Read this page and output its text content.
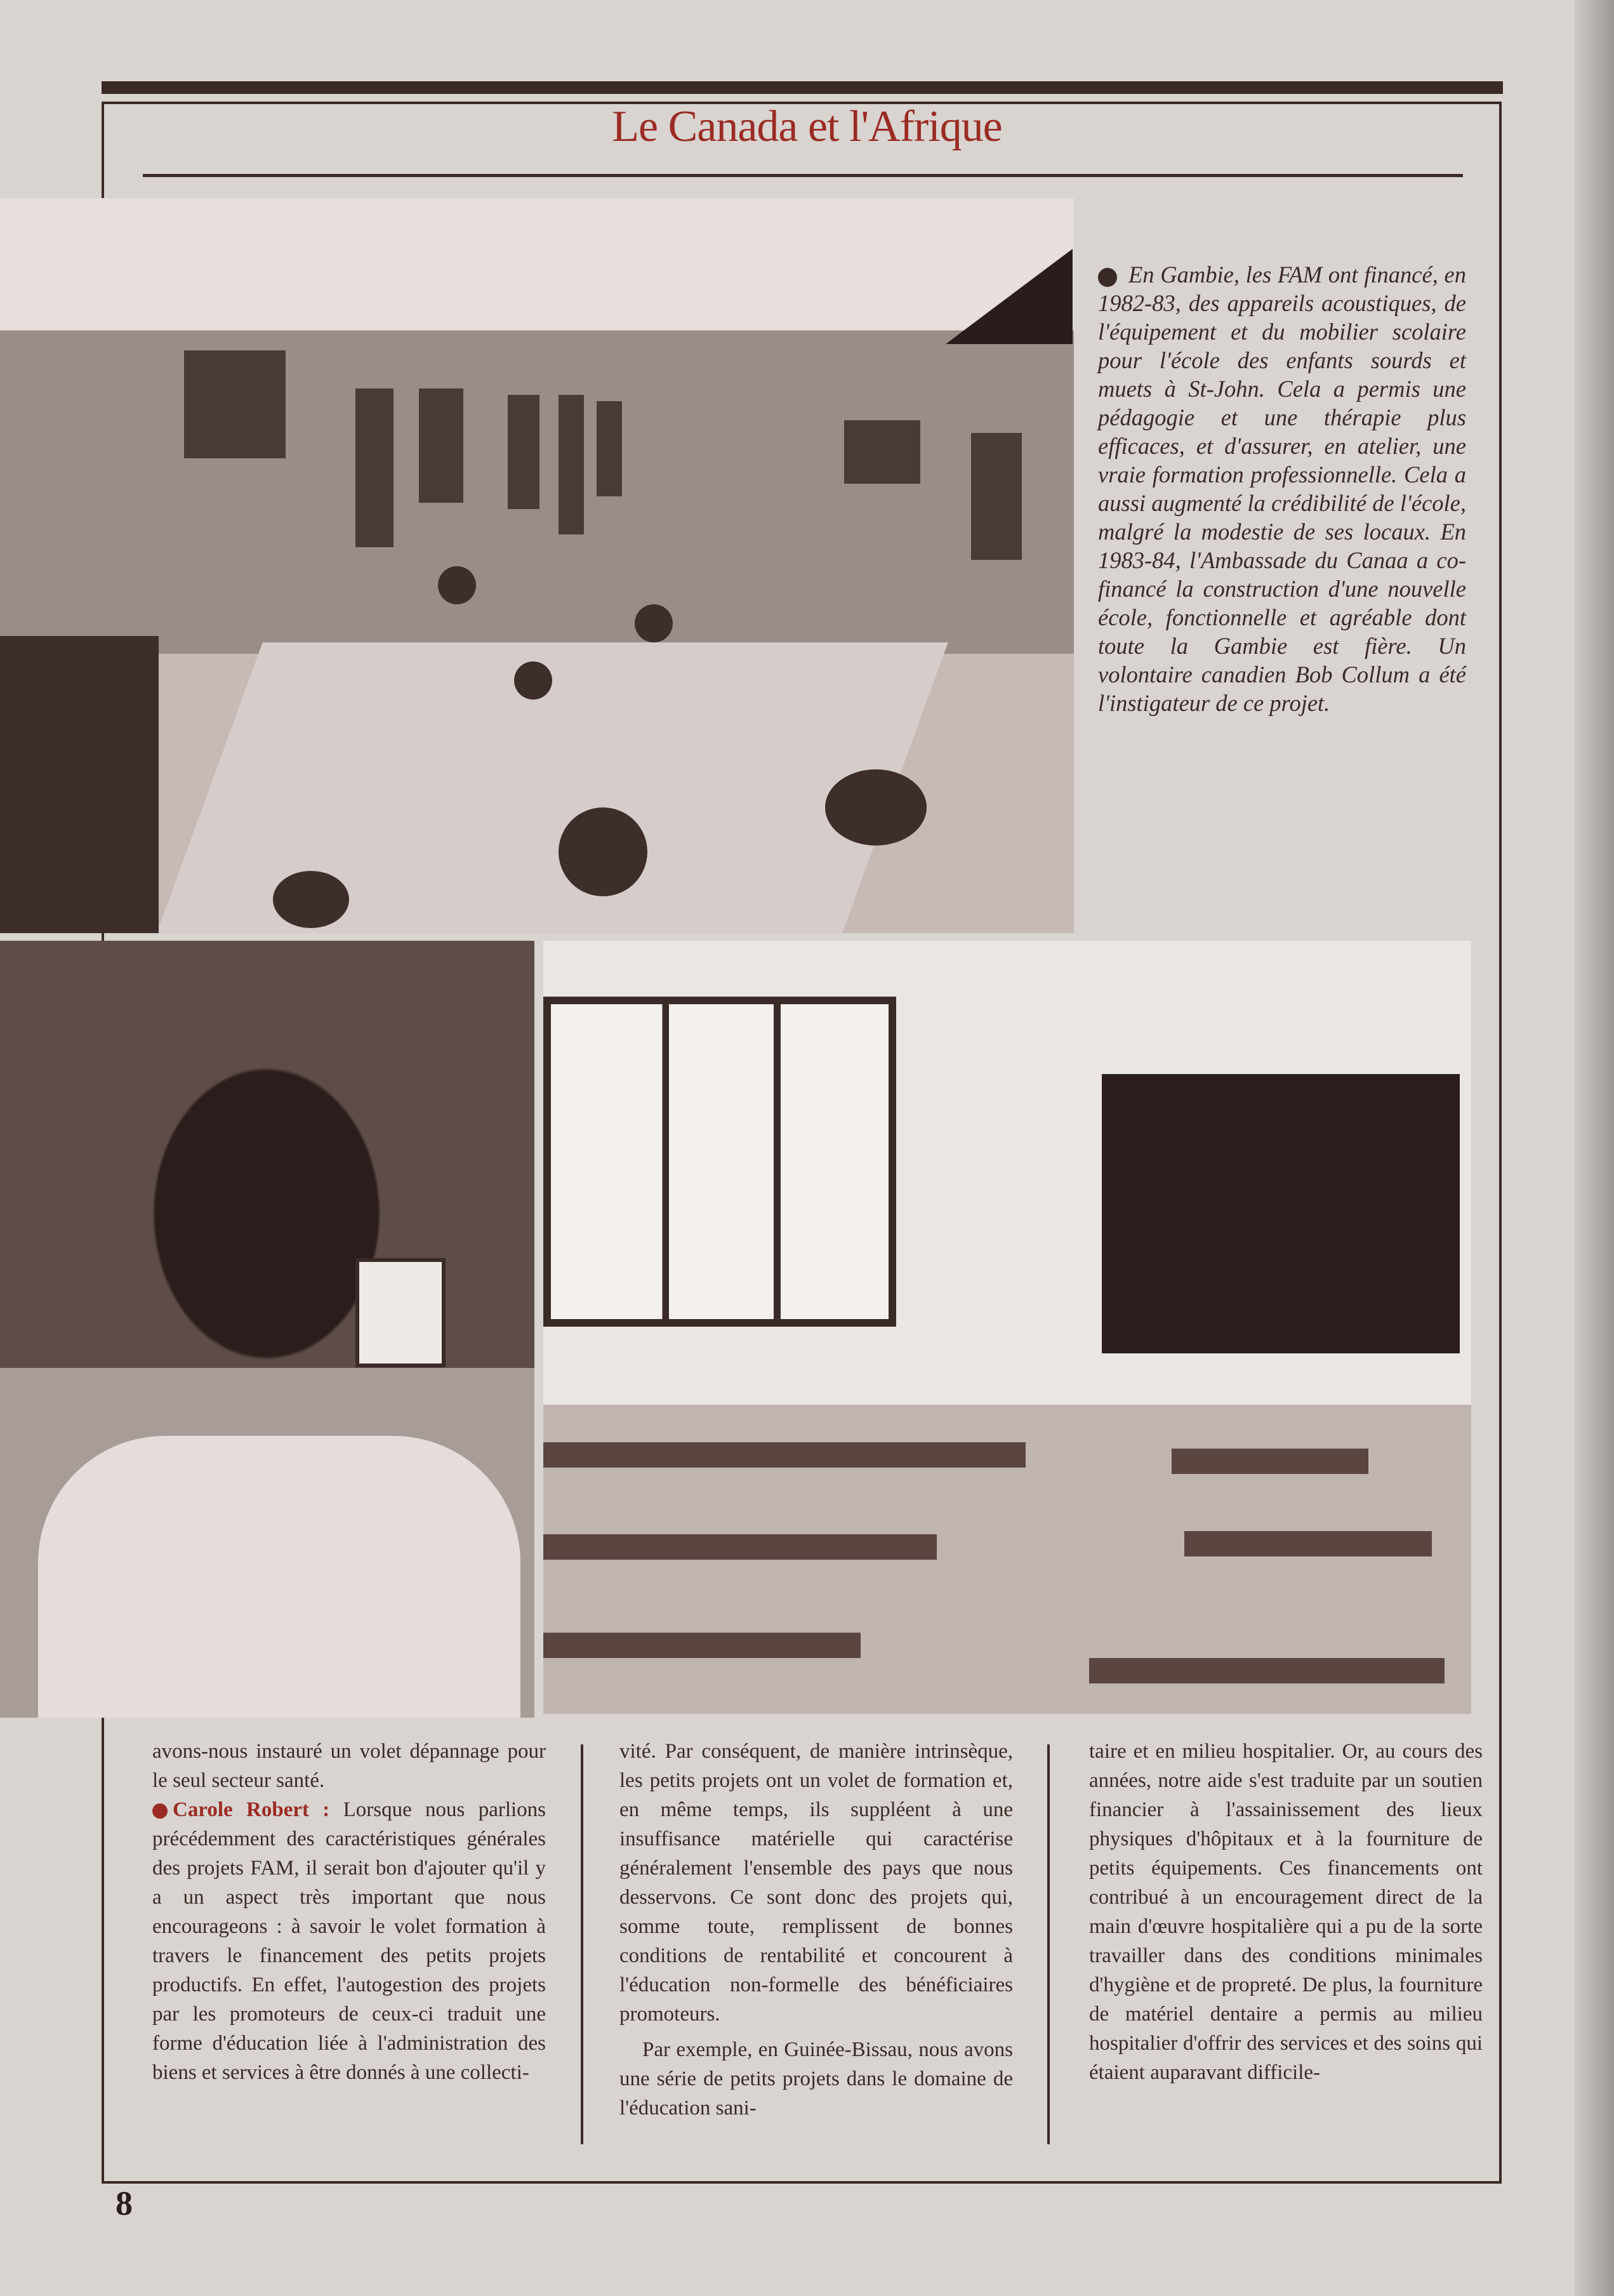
Le Canada et l'Afrique
En Gambie, les FAM ont financé, en 1982-83, des appareils acoustiques, de l'équipement et du mobilier scolaire pour l'école des enfants sourds et muets à St-John. Cela a permis une pédagogie et une thérapie plus efficaces, et d'assurer, en atelier, une vraie formation professionnelle. Cela a aussi augmenté la crédibilité de l'école, malgré la modestie de ses locaux. En 1983-84, l'Ambassade du Canaa a co-financé la construction d'une nouvelle école, fonctionnelle et agréable dont toute la Gambie est fière. Un volontaire canadien Bob Collum a été l'instigateur de ce projet.

avons-nous instauré un volet dépannage pour le seul secteur santé.

Carole Robert : Lorsque nous parlions précédemment des caractéristiques générales des projets FAM, il serait bon d'ajouter qu'il y a un aspect très important que nous encourageons : à savoir le volet formation à travers le financement des petits projets productifs. En effet, l'autogestion des projets par les promoteurs de ceux-ci traduit une forme d'éducation liée à l'administration des biens et services à être donnés à une collecti-

vité. Par conséquent, de manière intrinsèque, les petits projets ont un volet de formation et, en même temps, ils suppléent à une insuffisance matérielle qui caractérise généralement l'ensemble des pays que nous desservons. Ce sont donc des projets qui, somme toute, remplissent de bonnes conditions de rentabilité et concourent à l'éducation non-formelle des bénéficiaires promoteurs.

Par exemple, en Guinée-Bissau, nous avons une série de petits projets dans le domaine de l'éducation sani-

taire et en milieu hospitalier. Or, au cours des années, notre aide s'est traduite par un soutien financier à l'assainissement des lieux physiques d'hôpitaux et à la fourniture de petits équipements. Ces financements ont contribué à un encouragement direct de la main d'œuvre hospitalière qui a pu de la sorte travailler dans des conditions minimales d'hygiène et de propreté. De plus, la fourniture de matériel dentaire a permis au milieu hospitalier d'offrir des services et des soins qui étaient auparavant difficile-

8
